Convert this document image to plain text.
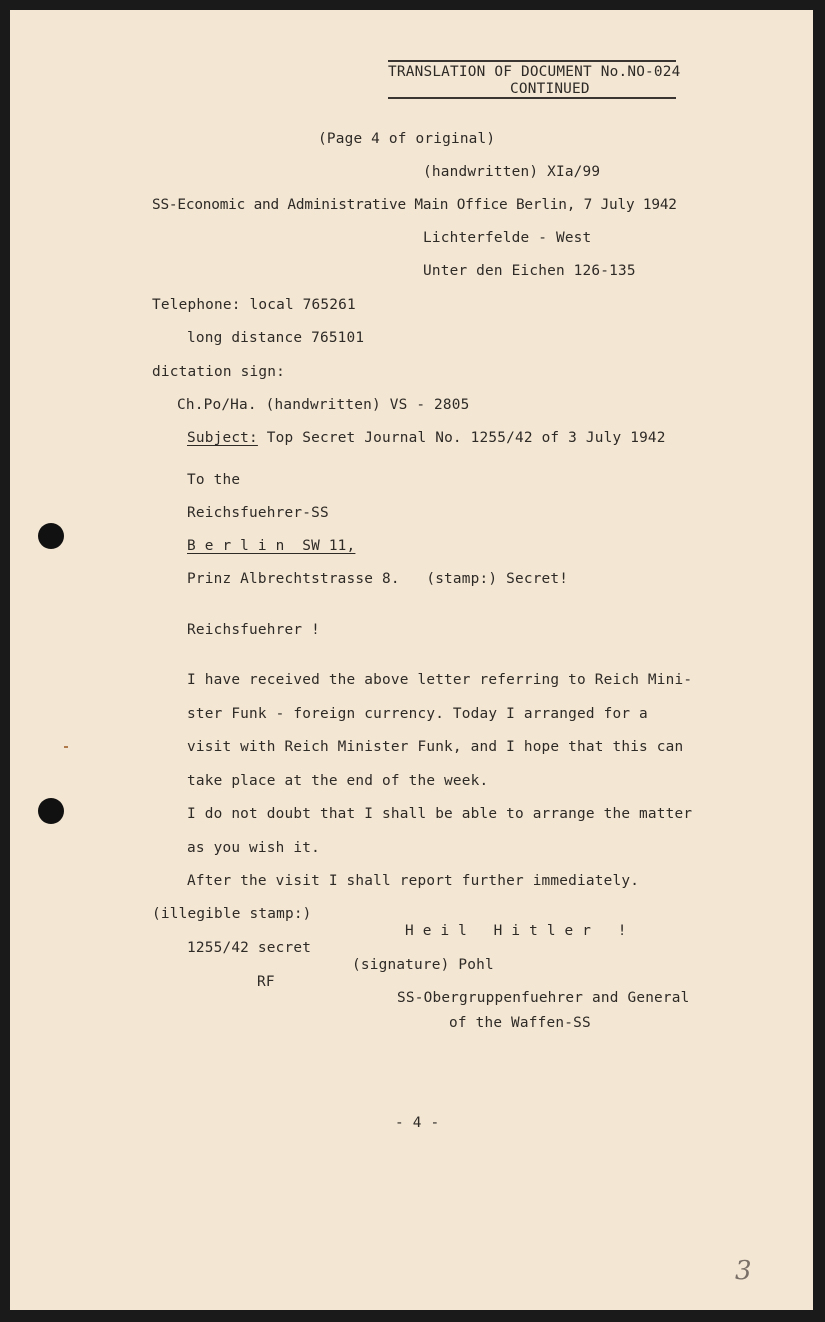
TRANSLATION OF DOCUMENT No.NO-024
CONTINUED
(Page 4 of original)
(handwritten) XIa/99
SS-Economic and Administrative Main Office Berlin, 7 July 1942
Lichterfelde - West
Unter den Eichen 126-135
Telephone: local 765261
long distance 765101
dictation sign:
Ch.Po/Ha. (handwritten) VS - 2805
Subject: Top Secret Journal No. 1255/42 of 3 July 1942
To the
Reichsfuehrer-SS
B e r l i n  SW 11,
Prinz Albrechtstrasse 8.   (stamp:) Secret!
Reichsfuehrer !
I have received the above letter referring to Reich Mini-
ster Funk - foreign currency. Today I arranged for a
visit with Reich Minister Funk, and I hope that this can
take place at the end of the week.
I do not doubt that I shall be able to arrange the matter
as you wish it.
After the visit I shall report further immediately.
(illegible stamp:)
H e i l   H i t l e r   !
1255/42 secret
(signature) Pohl
RF
SS-Obergruppenfuehrer and General
of the Waffen-SS
- 4 -
3
